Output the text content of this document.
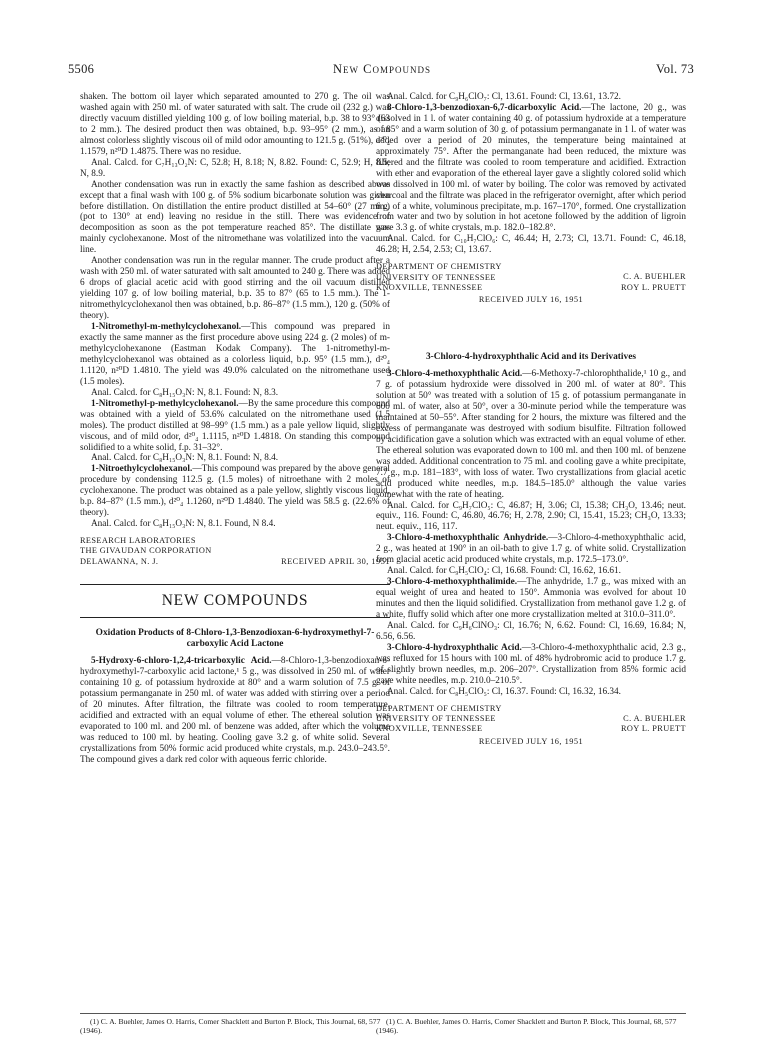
5506	New Compounds	Vol. 73

shaken. The bottom oil layer which separated amounted to 270 g. The oil was washed again with 250 ml. of water saturated with salt. The crude oil (232 g.) was directly vacuum distilled yielding 100 g. of low boiling material, b.p. 38 to 93° (63 to 2 mm.). The desired product then was obtained, b.p. 93–95° (2 mm.), as an almost colorless slightly viscous oil of mild odor amounting to 121.5 g. (51%), d²⁰₄ 1.1579, n²⁰D 1.4875. There was no residue.

Anal. Calcd. for C₇H₁₃O₂N: C, 52.8; H, 8.18; N, 8.82. Found: C, 52.9; H, 8.5; N, 8.9.

Another condensation was run in exactly the same fashion as described above except that a final wash with 100 g. of 5% sodium bicarbonate solution was given before distillation. On distillation the entire product distilled at 54–60° (27 mm.) (pot to 130° at end) leaving no residue in the still. There was evidence of decomposition as soon as the pot temperature reached 85°. The distillate was mainly cyclohexanone. Most of the nitromethane was volatilized into the vacuum line.

Another condensation was run in the regular manner. The crude product after a wash with 250 ml. of water saturated with salt amounted to 240 g. There was added 6 drops of glacial acetic acid with good stirring and the oil vacuum distilled yielding 107 g. of low boiling material, b.p. 35 to 87° (65 to 1.5 mm.). The 1-nitromethylcyclohexanol then was obtained, b.p. 86–87° (1.5 mm.), 120 g. (50% of theory).

1-Nitromethyl-m-methylcyclohexanol.—This compound was prepared in exactly the same manner as the first procedure above using 224 g. (2 moles) of m-methylcyclohexanone (Eastman Kodak Company). The 1-nitromethyl-m-methylcyclohexanol was obtained as a colorless liquid, b.p. 95° (1.5 mm.), d²⁰₄ 1.1120, n²⁰D 1.4810. The yield was 49.0% calculated on the nitromethane used (1.5 moles).

Anal. Calcd. for C₈H₁₅O₃N: N, 8.1. Found: N, 8.3.

1-Nitromethyl-p-methylcyclohexanol.—By the same procedure this compound was obtained with a yield of 53.6% calculated on the nitromethane used (1.5 moles). The product distilled at 98–99° (1.5 mm.) as a pale yellow liquid, slightly viscous, and of mild odor, d²⁰₄ 1.1115, n²⁰D 1.4818. On standing this compound solidified to a white solid, f.p. 31–32°.

Anal. Calcd. for C₈H₁₅O₃N: N, 8.1. Found: N, 8.4.

1-Nitroethylcyclohexanol.—This compound was prepared by the above general procedure by condensing 112.5 g. (1.5 moles) of nitroethane with 2 moles of cyclohexanone. The product was obtained as a pale yellow, slightly viscous liquid, b.p. 84–87° (1.5 mm.), d²⁰₄ 1.1260, n²⁰D 1.4840. The yield was 58.5 g. (22.6% of theory).

Anal. Calcd. for C₈H₁₅O₃N: N, 8.1. Found, N 8.4.

RESEARCH LABORATORIES
THE GIVAUDAN CORPORATION
DELAWANNA, N. J.	RECEIVED APRIL 30, 1951
NEW COMPOUNDS
Oxidation Products of 8-Chloro-1,3-Benzodioxan-6-hydroxymethyl-7-carboxylic Acid Lactone

5-Hydroxy-6-chloro-1,2,4-tricarboxylic Acid.—8-Chloro-1,3-benzodioxan-6-hydroxymethyl-7-carboxylic acid lactone,¹ 5 g., was dissolved in 250 ml. of water containing 10 g. of potassium hydroxide at 80° and a warm solution of 7.5 g. of potassium permanganate in 250 ml. of water was added with stirring over a period of 20 minutes. After filtration, the filtrate was cooled to room temperature, acidified and extracted with an equal volume of ether. The ethereal solution was evaporated to 100 ml. and 200 ml. of benzene was added, after which the volume was reduced to 100 ml. by heating. Cooling gave 3.2 g. of white solid. Several crystallizations from 50% formic acid produced white crystals, m.p. 243.0–243.5°. The compound gives a dark red color with aqueous ferric chloride.

Anal. Calcd. for C₉H₆ClO₇: Cl, 13.61. Found: Cl, 13.61, 13.72.

8-Chloro-1,3-benzodioxan-6,7-dicarboxylic Acid.—The lactone, 20 g., was dissolved in 1 l. of water containing 40 g. of potassium hydroxide at a temperature of 85° and a warm solution of 30 g. of potassium permanganate in 1 l. of water was added over a period of 20 minutes, the temperature being maintained at approximately 75°. After the permanganate had been reduced, the mixture was filtered and the filtrate was cooled to room temperature and acidified. Extraction with ether and evaporation of the ethereal layer gave a slightly colored solid which was dissolved in 100 ml. of water by boiling. The color was removed by activated charcoal and the filtrate was placed in the refrigerator overnight, after which period 6 g. of a white, voluminous precipitate, m.p. 167–170°, formed. One crystallization from water and two by solution in hot acetone followed by the addition of ligroin gave 3.3 g. of white crystals, m.p. 182.0–182.8°.

Anal. Calcd. for C₁₀H₇ClO₆: C, 46.44; H, 2.73; Cl, 13.71. Found: C, 46.18, 46.28; H, 2.54, 2.53; Cl, 13.67.

DEPARTMENT OF CHEMISTRY
UNIVERSITY OF TENNESSEE
KNOXVILLE, TENNESSEE
C. A. BUEHLER
ROY L. PRUETT
RECEIVED JULY 16, 1951
3-Chloro-4-hydroxyphthalic Acid and its Derivatives

3-Chloro-4-methoxyphthalic Acid.—6-Methoxy-7-chlorophthalide,¹ 10 g., and 7 g. of potassium hydroxide were dissolved in 200 ml. of water at 80°. This solution at 50° was treated with a solution of 15 g. of potassium permanganate in 600 ml. of water, also at 50°, over a 30-minute period while the temperature was maintained at 50–55°. After standing for 2 hours, the mixture was filtered and the excess of permanganate was destroyed with sodium bisulfite. Filtration followed by acidification gave a solution which was extracted with an equal volume of ether. The ethereal solution was evaporated down to 100 ml. and then 100 ml. of benzene was added. Additional concentration to 75 ml. and cooling gave a white precipitate, 7.7 g., m.p. 181–183°, with loss of water. Two crystallizations from glacial acetic acid produced white needles, m.p. 184.5–185.0° although the value varies somewhat with the rate of heating.

Anal. Calcd. for C₉H₇ClO₅: C, 46.87; H, 3.06; Cl, 15.38; CH₃O, 13.46; neut. equiv., 116. Found: C, 46.80, 46.76; H, 2.78, 2.90; Cl, 15.41, 15.23; CH₃O, 13.33; neut. equiv., 116, 117.

3-Chloro-4-methoxyphthalic Anhydride.—3-Chloro-4-methoxyphthalic acid, 2 g., was heated at 190° in an oil-bath to give 1.7 g. of white solid. Crystallization from glacial acetic acid produced white crystals, m.p. 172.5–173.0°.

Anal. Calcd. for C₉H₅ClO₄: Cl, 16.68. Found: Cl, 16.62, 16.61.

3-Chloro-4-methoxyphthalimide.—The anhydride, 1.7 g., was mixed with an equal weight of urea and heated to 150°. Ammonia was evolved for about 10 minutes and then the liquid solidified. Crystallization from methanol gave 1.2 g. of a white, fluffy solid which after one more crystallization melted at 310.0–311.0°.

Anal. Calcd. for C₉H₆ClNO₃: Cl, 16.76; N, 6.62. Found: Cl, 16.69, 16.84; N, 6.56, 6.56.

3-Chloro-4-hydroxyphthalic Acid.—3-Chloro-4-methoxyphthalic acid, 2.3 g., was refluxed for 15 hours with 100 ml. of 48% hydrobromic acid to produce 1.7 g. of slightly brown needles, m.p. 206–207°. Crystallization from 85% formic acid gave white needles, m.p. 210.0–210.5°.

Anal. Calcd. for C₈H₅ClO₅: Cl, 16.37. Found: Cl, 16.32, 16.34.

DEPARTMENT OF CHEMISTRY
UNIVERSITY OF TENNESSEE
KNOXVILLE, TENNESSEE
C. A. BUEHLER
ROY L. PRUETT
RECEIVED JULY 16, 1951

(1) C. A. Buehler, James O. Harris, Comer Shacklett and Burton P. Block, This Journal, 68, 577 (1946).

(1) C. A. Buehler, James O. Harris, Comer Shacklett and Burton P. Block, This Journal, 68, 577 (1946).
